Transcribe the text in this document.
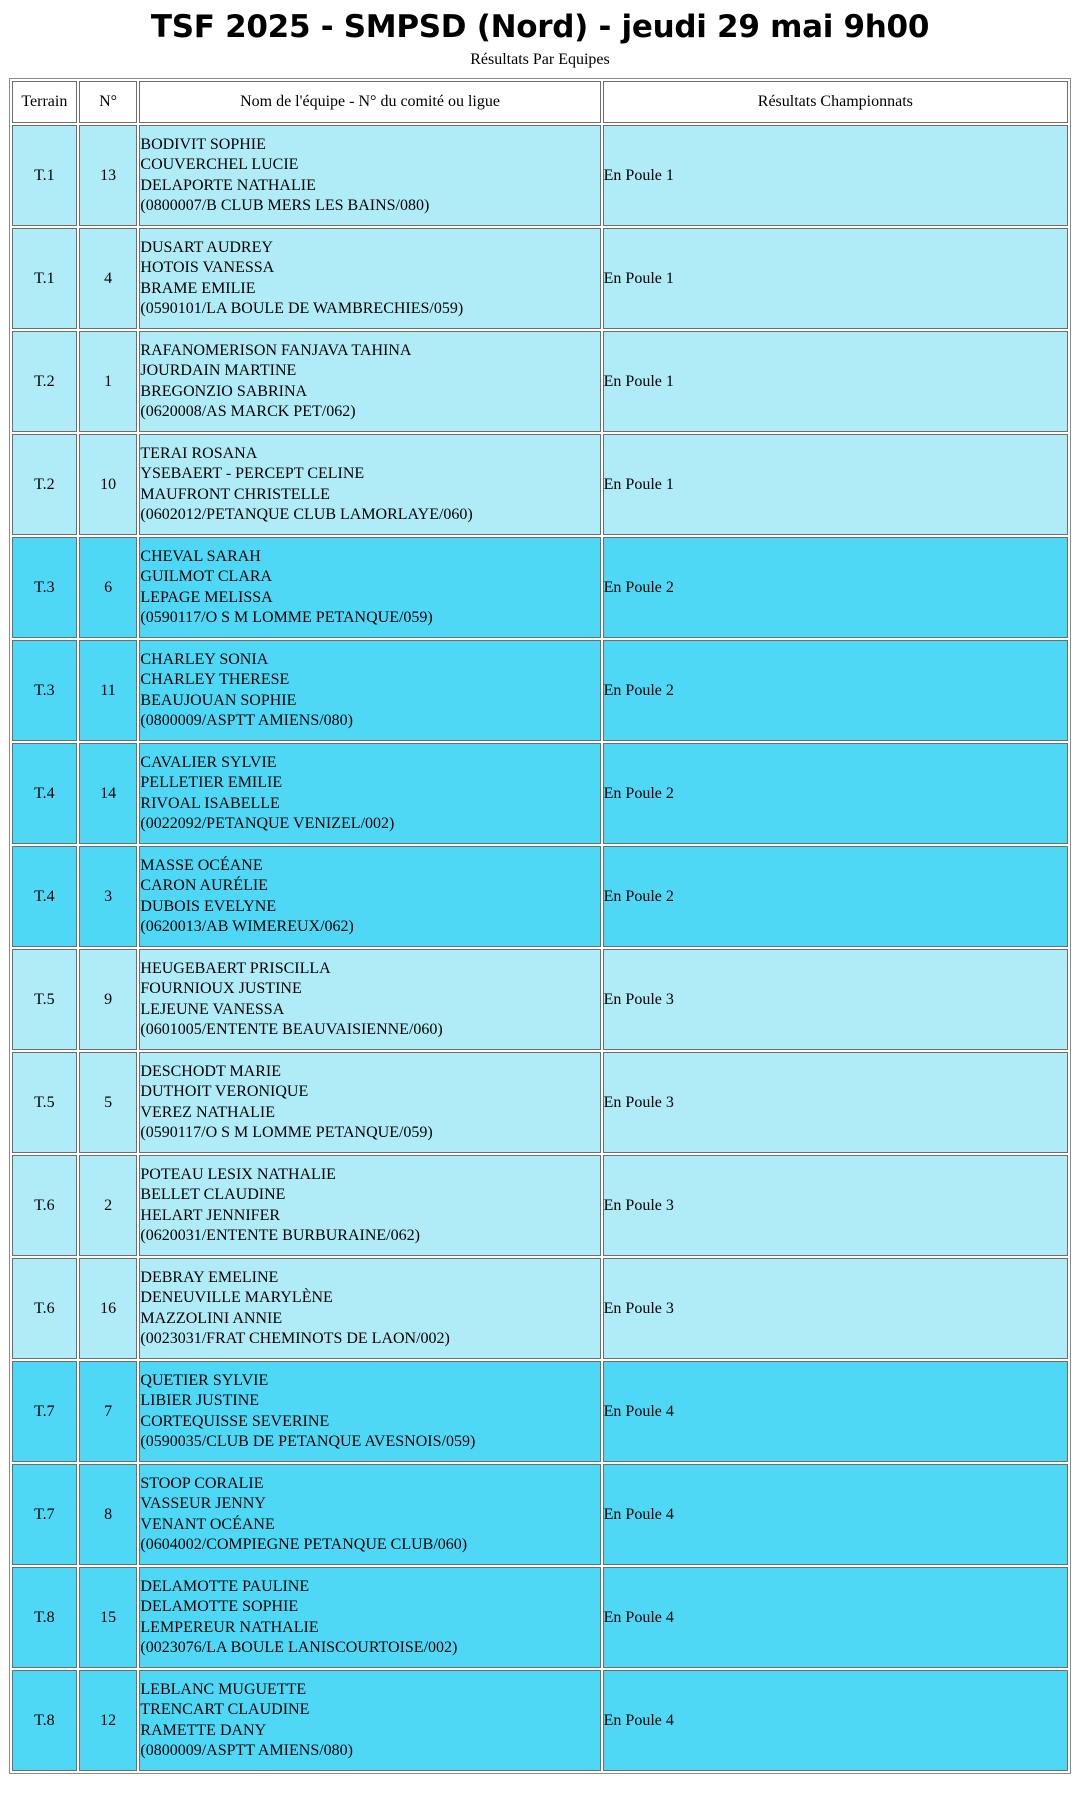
TSF 2025 - SMPSD (Nord) - jeudi 29 mai 9h00
Résultats Par Equipes
Terrain	N°	Nom de l'équipe - N° du comité ou ligue	Résultats Championnats
T.1	13	BODIVIT SOPHIE
COUVERCHEL LUCIE
DELAPORTE NATHALIE
(0800007/B CLUB MERS LES BAINS/080)	En Poule 1
T.1	4	DUSART AUDREY
HOTOIS VANESSA
BRAME EMILIE
(0590101/LA BOULE DE WAMBRECHIES/059)	En Poule 1
T.2	1	RAFANOMERISON FANJAVA TAHINA
JOURDAIN MARTINE
BREGONZIO SABRINA
(0620008/AS MARCK PET/062)	En Poule 1
T.2	10	TERAI ROSANA
YSEBAERT - PERCEPT CELINE
MAUFRONT CHRISTELLE
(0602012/PETANQUE CLUB LAMORLAYE/060)	En Poule 1
T.3	6	CHEVAL SARAH
GUILMOT CLARA
LEPAGE MELISSA
(0590117/O S M LOMME PETANQUE/059)	En Poule 2
T.3	11	CHARLEY SONIA
CHARLEY THERESE
BEAUJOUAN SOPHIE
(0800009/ASPTT AMIENS/080)	En Poule 2
T.4	14	CAVALIER SYLVIE
PELLETIER EMILIE
RIVOAL ISABELLE
(0022092/PETANQUE VENIZEL/002)	En Poule 2
T.4	3	MASSE OCÉANE
CARON AURÉLIE
DUBOIS EVELYNE
(0620013/AB WIMEREUX/062)	En Poule 2
T.5	9	HEUGEBAERT PRISCILLA
FOURNIOUX JUSTINE
LEJEUNE VANESSA
(0601005/ENTENTE BEAUVAISIENNE/060)	En Poule 3
T.5	5	DESCHODT MARIE
DUTHOIT VERONIQUE
VEREZ NATHALIE
(0590117/O S M LOMME PETANQUE/059)	En Poule 3
T.6	2	POTEAU LESIX NATHALIE
BELLET CLAUDINE
HELART JENNIFER
(0620031/ENTENTE BURBURAINE/062)	En Poule 3
T.6	16	DEBRAY EMELINE
DENEUVILLE MARYLÈNE
MAZZOLINI ANNIE
(0023031/FRAT CHEMINOTS DE LAON/002)	En Poule 3
T.7	7	QUETIER SYLVIE
LIBIER JUSTINE
CORTEQUISSE SEVERINE
(0590035/CLUB DE PETANQUE AVESNOIS/059)	En Poule 4
T.7	8	STOOP CORALIE
VASSEUR JENNY
VENANT OCÉANE
(0604002/COMPIEGNE PETANQUE CLUB/060)	En Poule 4
T.8	15	DELAMOTTE PAULINE
DELAMOTTE SOPHIE
LEMPEREUR NATHALIE
(0023076/LA BOULE LANISCOURTOISE/002)	En Poule 4
T.8	12	LEBLANC MUGUETTE
TRENCART CLAUDINE
RAMETTE DANY
(0800009/ASPTT AMIENS/080)	En Poule 4
